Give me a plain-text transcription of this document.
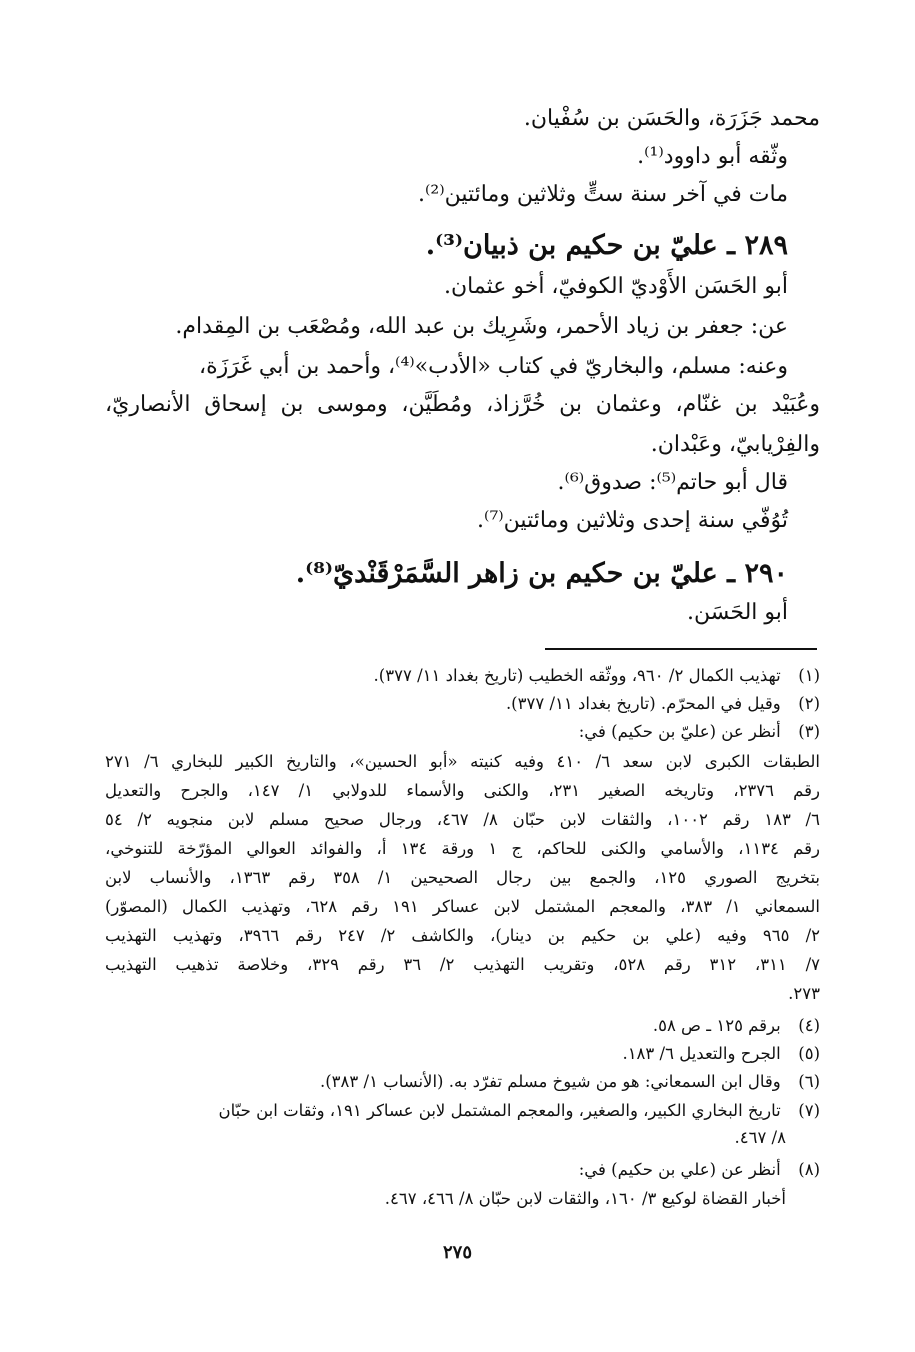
محمد جَزَرَة، والحَسَن بن سُفْيان.
وثّقه أبو داوود⁽¹⁾.
مات في آخر سنة ستٍّ وثلاثين ومائتين⁽²⁾.
٢٨٩ ـ عليّ بن حكيم بن ذبيان⁽³⁾.
أبو الحَسَن الأَوْديّ الكوفيّ، أخو عثمان.
عن: جعفر بن زياد الأحمر، وشَرِيك بن عبد الله، ومُصْعَب بن المِقدام.
وعنه: مسلم، والبخاريّ في كتاب «الأدب»⁽⁴⁾، وأحمد بن أبي غَرَزَة،
وعُبَيْد بن غنّام، وعثمان بن خُرَّزاذ، ومُطَيَّن، وموسى بن إسحاق الأنصاريّ،
والفِرْيابيّ، وعَبْدان.
قال أبو حاتم⁽⁵⁾: صدوق⁽⁶⁾.
تُوُفّي سنة إحدى وثلاثين ومائتين⁽⁷⁾.
٢٩٠ ـ عليّ بن حكيم بن زاهر السَّمَرْقَنْديّ⁽⁸⁾.
أبو الحَسَن.
(١) تهذيب الكمال ٢/ ٩٦٠، ووثّقه الخطيب (تاريخ بغداد ١١/ ٣٧٧).
(٢) وقيل في المحرّم. (تاريخ بغداد ١١/ ٣٧٧).
(٣) أنظر عن (عليّ بن حكيم) في:
الطبقات الكبرى لابن سعد ٦/ ٤١٠ وفيه كنيته «أبو الحسين»، والتاريخ الكبير للبخاري ٦/ ٢٧١
رقم ٢٣٧٦، وتاريخه الصغير ٢٣١، والكنى والأسماء للدولابي ١/ ١٤٧، والجرح والتعديل
٦/ ١٨٣ رقم ١٠٠٢، والثقات لابن حبّان ٨/ ٤٦٧، ورجال صحيح مسلم لابن منجويه ٢/ ٥٤
رقم ١١٣٤، والأسامي والكنى للحاكم، ج ١ ورقة ١٣٤ أ، والفوائد العوالي المؤرّخة للتنوخي،
بتخريج الصوري ١٢٥، والجمع بين رجال الصحيحين ١/ ٣٥٨ رقم ١٣٦٣، والأنساب لابن
السمعاني ١/ ٣٨٣، والمعجم المشتمل لابن عساكر ١٩١ رقم ٦٢٨، وتهذيب الكمال (المصوّر)
٢/ ٩٦٥ وفيه (علي بن حكيم بن دينار)، والكاشف ٢/ ٢٤٧ رقم ٣٩٦٦، وتهذيب التهذيب
٧/ ٣١١، ٣١٢ رقم ٥٢٨، وتقريب التهذيب ٢/ ٣٦ رقم ٣٢٩، وخلاصة تذهيب التهذيب
٢٧٣.
(٤) برقم ١٢٥ ـ ص ٥٨.
(٥) الجرح والتعديل ٦/ ١٨٣.
(٦) وقال ابن السمعاني: هو من شيوخ مسلم تفرّد به. (الأنساب ١/ ٣٨٣).
(٧) تاريخ البخاري الكبير، والصغير، والمعجم المشتمل لابن عساكر ١٩١، وثقات ابن حبّان
٨/ ٤٦٧.
(٨) أنظر عن (علي بن حكيم) في:
أخبار القضاة لوكيع ٣/ ١٦٠، والثقات لابن حبّان ٨/ ٤٦٦، ٤٦٧.
٢٧٥
